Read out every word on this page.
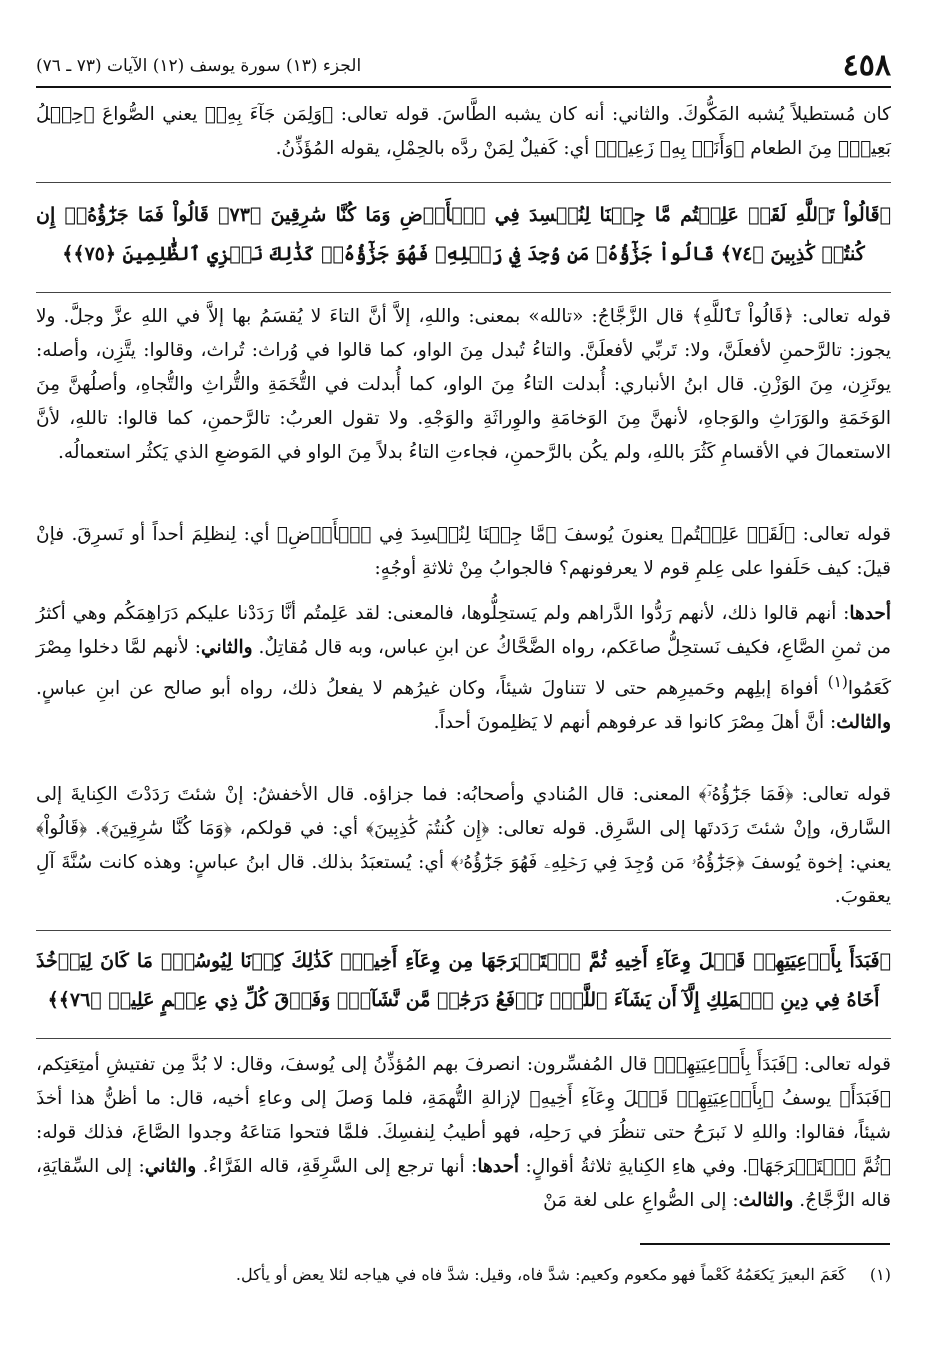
٤٥٨
الجزء (١٣) سورة يوسف (١٢) الآيات (٧٣ ـ ٧٦)

كان مُستطيلاً يُشبه المَكُّوكَ. والثاني: أنه كان يشبه الطَّاسَ. قوله تعالى: ﴿وَلِمَن جَآءَ بِهِۦ﴾ يعني الصُّواعَ ﴿حِمۡلُ بَعِيرٖ﴾ مِنَ الطعام ﴿وَأَنَا۠ بِهِۦ زَعِيمٞ﴾ أي: كَفيلٌ لِمَنْ ردَّه بالحِمْلِ، يقوله المُؤَذِّنُ.

﴿قَالُواْ تَٱللَّهِ لَقَدۡ عَلِمۡتُم مَّا جِئۡنَا لِنُفۡسِدَ فِي ٱلۡأَرۡضِ وَمَا كُنَّا سَٰرِقِينَ ﴿٧٣﴾ قَالُواْ فَمَا جَزَٰٓؤُهُۥٓ إِن كُنتُمۡ كَٰذِبِينَ ﴿٧٤﴾ قَالُواْ جَزَٰٓؤُهُۥ مَن وُجِدَ فِي رَحۡلِهِۦ فَهُوَ جَزَٰٓؤُهُۥۚ كَذَٰلِكَ نَجۡزِي ٱلظَّٰلِمِينَ ﴿٧٥﴾﴾

قوله تعالى: ﴿قَالُواْ تَٱللَّهِ﴾ قال الزَّجَّاجُ: «تالله» بمعنى: واللهِ، إلاَّ أنَّ التاءَ لا يُقسَمُ بها إلاَّ في اللهِ عزَّ وجلَّ. ولا يجوز: تالرَّحمنِ لأفعلَنَّ، ولا: تَربِّي لأفعلَنَّ. والتاءُ تُبدل مِنَ الواو، كما قالوا في وُراث: تُراث، وقالوا: يتَّزِن، وأصله: يوتَزِن، مِنَ الوَزْنِ. قال ابنُ الأنباري: أُبدلت التاءُ مِنَ الواو، كما أُبدلت في التُّخَمَةِ والتُّراثِ والتُّجاهِ، وأصلُهنَّ مِنَ الوَخَمَةِ والوَرَاثِ والوَجاهِ، لأنهنَّ مِنَ الوَخامَةِ والوِراثَةِ والوَجْهِ. ولا تقول العربُ: تالرَّحمنِ، كما قالوا: تاللهِ، لأنَّ الاستعمالَ في الأقسامِ كَثُرَ باللهِ، ولم يكُن بالرَّحمنِ، فجاءتِ التاءُ بدلاً مِنَ الواو في المَوضعِ الذي يَكثُر استعمالُه.

قوله تعالى: ﴿لَقَدۡ عَلِمۡتُم﴾ يعنونَ يُوسفَ ﴿مَّا جِئۡنَا لِنُفۡسِدَ فِي ٱلۡأَرۡضِ﴾ أي: لِنظلِمَ أحداً أو نَسرِقَ. فإنْ قيلَ: كيف حَلَفوا على عِلمِ قوم لا يعرفونهم؟ فالجوابُ مِنْ ثلاثةِ أوجُهٍ:

أحدها: أنهم قالوا ذلك، لأنهم رَدُّوا الدَّراهم ولم يَستحِلُّوها، فالمعنى: لقد عَلِمتُم أنَّا رَدَدْنا عليكم دَرَاهِمَكُم وهي أكثرُ من ثمنِ الصَّاعِ، فكيف نَستحِلُّ صاعَكم، رواه الضَّحَّاكُ عن ابنِ عباس، وبه قال مُقاتِلٌ. والثاني: لأنهم لمَّا دخلوا مِصْرَ كَعَمُوا$^{(١)}$ أفواهَ إبلِهم وحَميرِهم حتى لا تتناولَ شيئاً، وكان غيرُهم لا يفعلُ ذلك، رواه أبو صالح عن ابنِ عباسٍ. والثالث: أنَّ أهلَ مِصْرَ كانوا قد عرفوهم أنهم لا يَظلِمونَ أحداً.

قوله تعالى: ﴿فَمَا جَزَٰٓؤُهُۥٓ﴾ المعنى: قال المُنادي وأصحابُه: فما جزاؤه. قال الأخفشُ: إنْ شئتَ رَدَدْتَ الكِنايةَ إلى السَّارق، وإنْ شئتَ رَدَدتَها إلى السَّرِق. قوله تعالى: ﴿إِن كُنتُمۡ كَٰذِبِينَ﴾ أي: في قولكم، ﴿وَمَا كُنَّا سَٰرِقِينَ﴾. ﴿قَالُواْ﴾ يعني: إخوة يُوسفَ ﴿جَزَٰٓؤُهُۥ مَن وُجِدَ فِي رَحۡلِهِۦ فَهُوَ جَزَٰٓؤُهُۥ﴾ أي: يُستعبَدُ بذلك. قال ابنُ عباسٍ: وهذه كانت سُنَّةَ آلِ يعقوبَ.

﴿فَبَدَأَ بِأَوۡعِيَتِهِمۡ قَبۡلَ وِعَآءِ أَخِيهِ ثُمَّ ٱسۡتَخۡرَجَهَا مِن وِعَآءِ أَخِيهِۚ كَذَٰلِكَ كِدۡنَا لِيُوسُفَۖ مَا كَانَ لِيَأۡخُذَ أَخَاهُ فِي دِينِ ٱلۡمَلِكِ إِلَّآ أَن يَشَآءَ ٱللَّهُۚ نَرۡفَعُ دَرَجَٰتٖ مَّن نَّشَآءُۗ وَفَوۡقَ كُلِّ ذِي عِلۡمٍ عَلِيمٞ ﴿٧٦﴾﴾

قوله تعالى: ﴿فَبَدَأَ بِأَوۡعِيَتِهِمۡ﴾ قال المُفسِّرون: انصرفَ بهم المُؤذِّنُ إلى يُوسفَ، وقال: لا بُدَّ مِن تفتيشِ أمتِعَتِكم، ﴿فَبَدَأَ﴾ يوسفُ ﴿بِأَوۡعِيَتِهِمۡ قَبۡلَ وِعَآءِ أَخِيهِ﴾ لإزالةِ التُّهمَةِ، فلما وَصلَ إلى وعاءِ أخيه، قال: ما أظنُّ هذا أخذَ شيئاً، فقالوا: واللهِ لا نَبرَحُ حتى تنظُرَ في رَحلِه، فهو أطيبُ لِنفسِكَ. فلمَّا فتحوا مَتاعَهُ وجدوا الصَّاعَ، فذلك قوله: ﴿ثُمَّ ٱسۡتَخۡرَجَهَا﴾. وفي هاءِ الكِنايةِ ثلاثةُ أقوالٍ: أحدها: أنها ترجع إلى السَّرِقَةِ، قاله الفَرَّاءُ. والثاني: إلى السِّقايَةِ، قاله الزَّجَّاجُ. والثالث: إلى الصُّواعِ على لغة مَنْ

(١)كَعَمَ البعيرَ يَكعَمُهُ كَعْماً فهو مكعوم وكعيم: شدَّ فاه، وقيل: شدَّ فاه في هياجه لئلا يعض أو يأكل.
